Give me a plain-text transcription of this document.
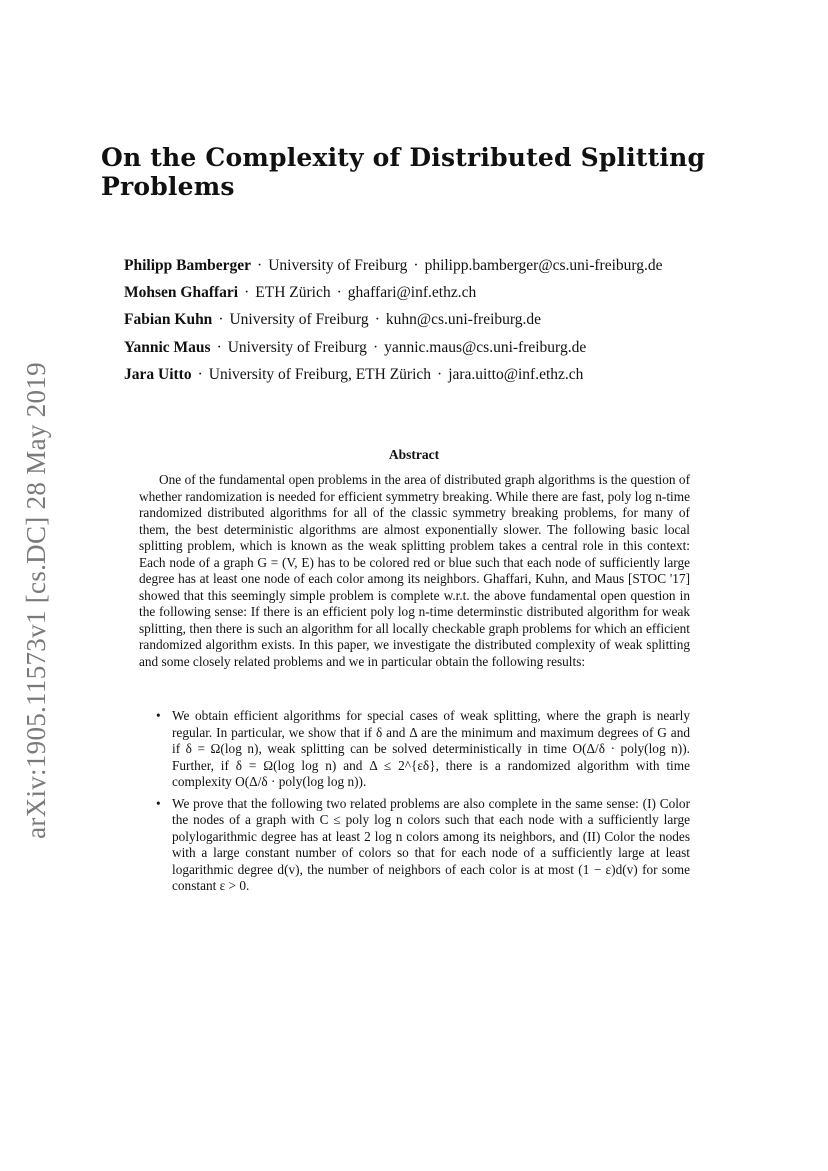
arXiv:1905.11573v1 [cs.DC] 28 May 2019
On the Complexity of Distributed Splitting Problems
Philipp Bamberger · University of Freiburg · philipp.bamberger@cs.uni-freiburg.de
Mohsen Ghaffari · ETH Zürich · ghaffari@inf.ethz.ch
Fabian Kuhn · University of Freiburg · kuhn@cs.uni-freiburg.de
Yannic Maus · University of Freiburg · yannic.maus@cs.uni-freiburg.de
Jara Uitto · University of Freiburg, ETH Zürich · jara.uitto@inf.ethz.ch
Abstract

One of the fundamental open problems in the area of distributed graph algorithms is the question of whether randomization is needed for efficient symmetry breaking. While there are fast, poly log n-time randomized distributed algorithms for all of the classic symmetry breaking problems, for many of them, the best deterministic algorithms are almost exponentially slower. The following basic local splitting problem, which is known as the weak splitting problem takes a central role in this context: Each node of a graph G = (V, E) has to be colored red or blue such that each node of sufficiently large degree has at least one node of each color among its neighbors. Ghaffari, Kuhn, and Maus [STOC '17] showed that this seemingly simple problem is complete w.r.t. the above fundamental open question in the following sense: If there is an efficient poly log n-time determinstic distributed algorithm for weak splitting, then there is such an algorithm for all locally checkable graph problems for which an efficient randomized algorithm exists. In this paper, we investigate the distributed complexity of weak splitting and some closely related problems and we in particular obtain the following results:

• We obtain efficient algorithms for special cases of weak splitting, where the graph is nearly regular. In particular, we show that if δ and Δ are the minimum and maximum degrees of G and if δ = Ω(log n), weak splitting can be solved deterministically in time O(Δ/δ · poly(log n)). Further, if δ = Ω(log log n) and Δ ≤ 2^{εδ}, there is a randomized algorithm with time complexity O(Δ/δ · poly(log log n)).
• We prove that the following two related problems are also complete in the same sense: (I) Color the nodes of a graph with C ≤ poly log n colors such that each node with a sufficiently large polylogarithmic degree has at least 2 log n colors among its neighbors, and (II) Color the nodes with a large constant number of colors so that for each node of a sufficiently large at least logarithmic degree d(v), the number of neighbors of each color is at most (1 − ε)d(v) for some constant ε > 0.
